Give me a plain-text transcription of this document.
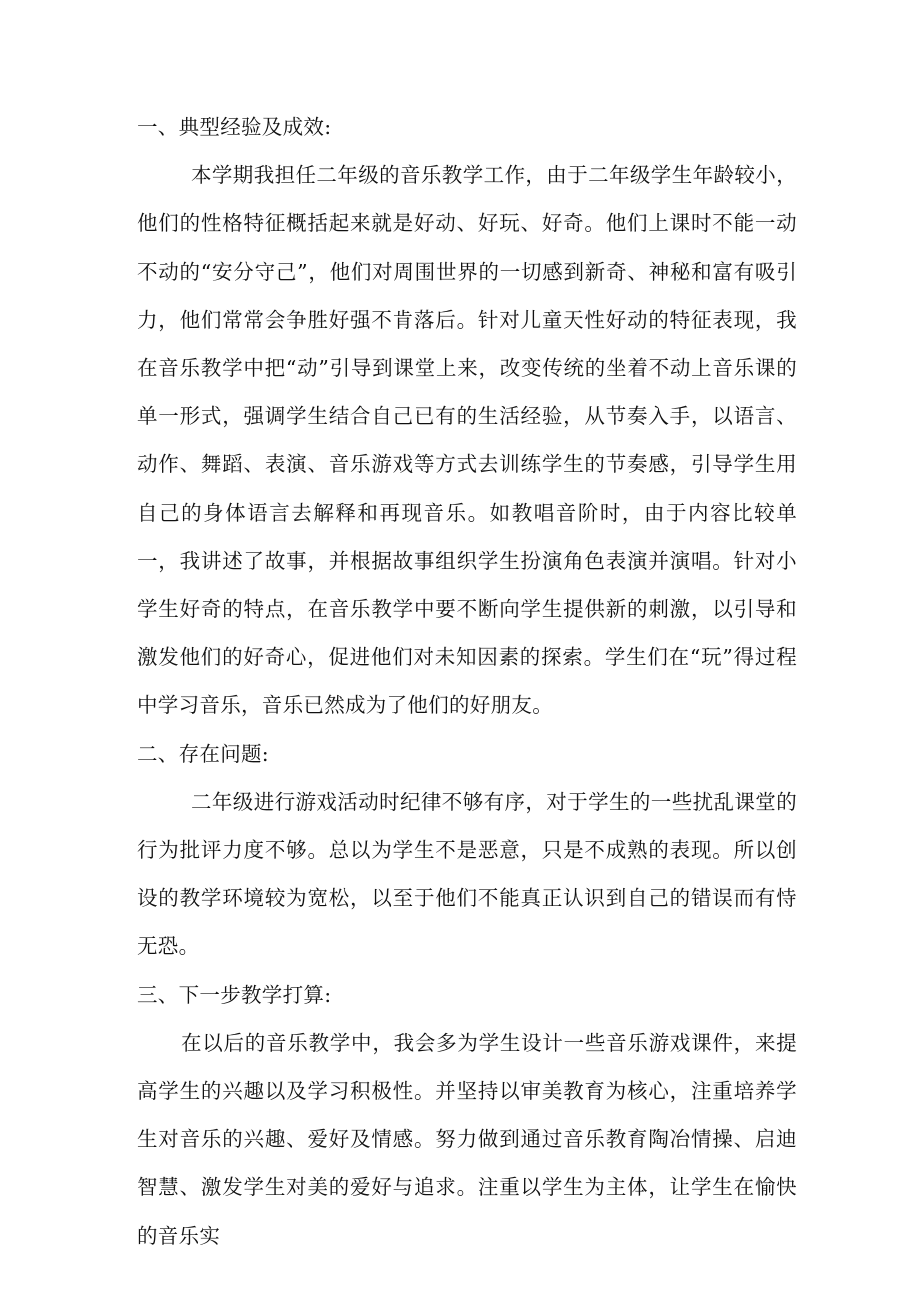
一、典型经验及成效:

本学期我担任二年级的音乐教学工作，由于二年级学生年龄较小，他们的性格特征概括起来就是好动、好玩、好奇。他们上课时不能一动不动的“安分守己”，他们对周围世界的一切感到新奇、神秘和富有吸引力，他们常常会争胜好强不肯落后。针对儿童天性好动的特征表现，我在音乐教学中把“动”引导到课堂上来，改变传统的坐着不动上音乐课的单一形式，强调学生结合自己已有的生活经验，从节奏入手，以语言、动作、舞蹈、表演、音乐游戏等方式去训练学生的节奏感，引导学生用自己的身体语言去解释和再现音乐。如教唱音阶时，由于内容比较单一，我讲述了故事，并根据故事组织学生扮演角色表演并演唱。针对小学生好奇的特点，在音乐教学中要不断向学生提供新的刺激，以引导和激发他们的好奇心，促进他们对未知因素的探索。学生们在“玩”得过程中学习音乐，音乐已然成为了他们的好朋友。

二、存在问题:

二年级进行游戏活动时纪律不够有序，对于学生的一些扰乱课堂的行为批评力度不够。总以为学生不是恶意，只是不成熟的表现。所以创设的教学环境较为宽松，以至于他们不能真正认识到自己的错误而有恃无恐。

三、下一步教学打算:

在以后的音乐教学中，我会多为学生设计一些音乐游戏课件，来提高学生的兴趣以及学习积极性。并坚持以审美教育为核心，注重培养学生对音乐的兴趣、爱好及情感。努力做到通过音乐教育陶冶情操、启迪智慧、激发学生对美的爱好与追求。注重以学生为主体，让学生在愉快的音乐实
